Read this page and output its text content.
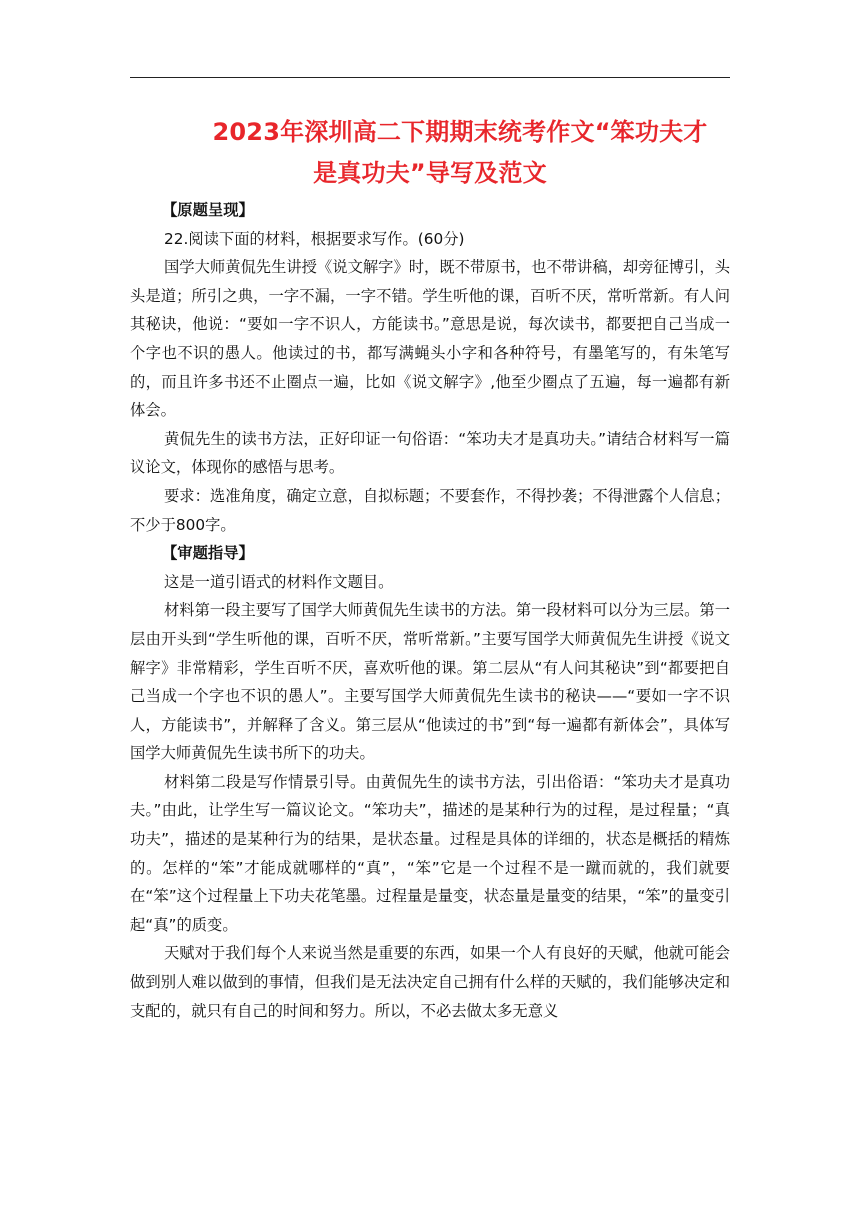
2023年深圳高二下期期末统考作文“笨功夫才
是真功夫”导写及范文
【原题呈现】

22.阅读下面的材料，根据要求写作。(60分)

国学大师黄侃先生讲授《说文解字》时，既不带原书，也不带讲稿，却旁征博引，头头是道；所引之典，一字不漏，一字不错。学生听他的课，百听不厌，常听常新。有人问其秘诀，他说：“要如一字不识人，方能读书。”意思是说，每次读书，都要把自己当成一个字也不识的愚人。他读过的书，都写满蝇头小字和各种符号，有墨笔写的，有朱笔写的，而且许多书还不止圈点一遍，比如《说文解字》,他至少圈点了五遍，每一遍都有新体会。

黄侃先生的读书方法，正好印证一句俗语：“笨功夫才是真功夫。”请结合材料写一篇议论文，体现你的感悟与思考。

要求：选准角度，确定立意，自拟标题；不要套作，不得抄袭；不得泄露个人信息；不少于800字。

【审题指导】

这是一道引语式的材料作文题目。

材料第一段主要写了国学大师黄侃先生读书的方法。第一段材料可以分为三层。第一层由开头到“学生听他的课，百听不厌，常听常新。”主要写国学大师黄侃先生讲授《说文解字》非常精彩，学生百听不厌，喜欢听他的课。第二层从“有人问其秘诀”到“都要把自己当成一个字也不识的愚人”。主要写国学大师黄侃先生读书的秘诀——“要如一字不识人，方能读书”，并解释了含义。第三层从“他读过的书”到“每一遍都有新体会”，具体写国学大师黄侃先生读书所下的功夫。

材料第二段是写作情景引导。由黄侃先生的读书方法，引出俗语：“笨功夫才是真功夫。”由此，让学生写一篇议论文。“笨功夫”，描述的是某种行为的过程，是过程量；“真功夫”，描述的是某种行为的结果，是状态量。过程是具体的详细的，状态是概括的精炼的。怎样的“笨”才能成就哪样的“真”，“笨”它是一个过程不是一蹴而就的，我们就要在“笨”这个过程量上下功夫花笔墨。过程量是量变，状态量是量变的结果，“笨”的量变引起“真”的质变。

天赋对于我们每个人来说当然是重要的东西，如果一个人有良好的天赋，他就可能会做到别人难以做到的事情，但我们是无法决定自己拥有什么样的天赋的，我们能够决定和支配的，就只有自己的时间和努力。所以，不必去做太多无意义
